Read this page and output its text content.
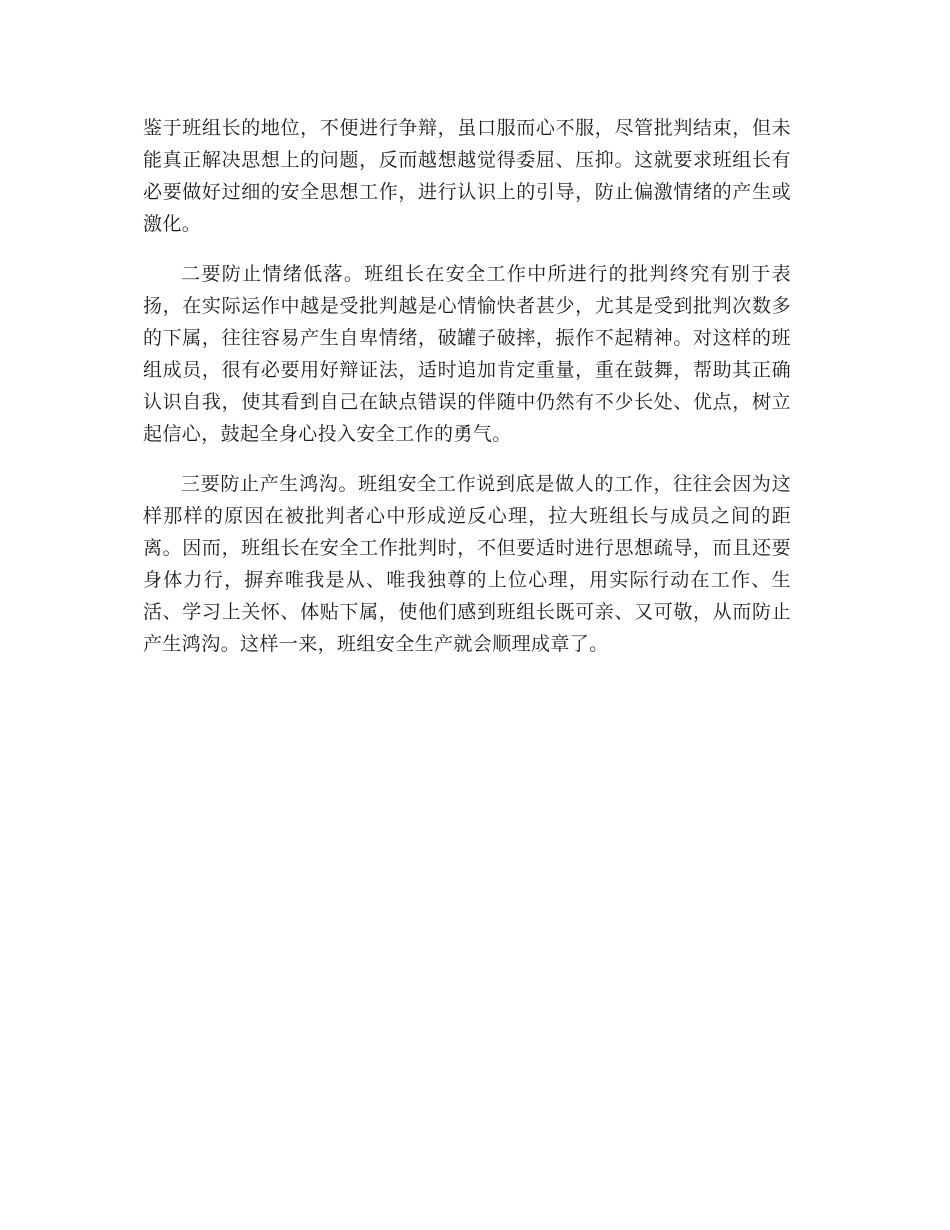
鉴于班组长的地位，不便进行争辩，虽口服而心不服，尽管批判结束，但未能真正解决思想上的问题，反而越想越觉得委屈、压抑。这就要求班组长有必要做好过细的安全思想工作，进行认识上的引导，防止偏激情绪的产生或激化。

二要防止情绪低落。班组长在安全工作中所进行的批判终究有别于表扬，在实际运作中越是受批判越是心情愉快者甚少，尤其是受到批判次数多的下属，往往容易产生自卑情绪，破罐子破摔，振作不起精神。对这样的班组成员，很有必要用好辩证法，适时追加肯定重量，重在鼓舞，帮助其正确认识自我，使其看到自己在缺点错误的伴随中仍然有不少长处、优点，树立起信心，鼓起全身心投入安全工作的勇气。

三要防止产生鸿沟。班组安全工作说到底是做人的工作，往往会因为这样那样的原因在被批判者心中形成逆反心理，拉大班组长与成员之间的距离。因而，班组长在安全工作批判时，不但要适时进行思想疏导，而且还要身体力行，摒弃唯我是从、唯我独尊的上位心理，用实际行动在工作、生活、学习上关怀、体贴下属，使他们感到班组长既可亲、又可敬，从而防止产生鸿沟。这样一来，班组安全生产就会顺理成章了。
